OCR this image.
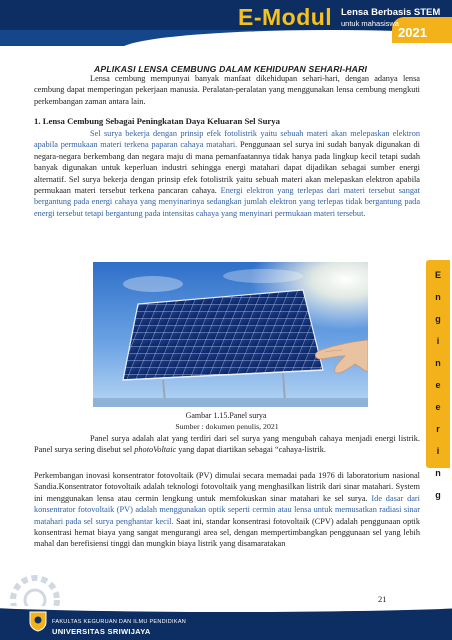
E-Modul Lensa Berbasis STEM
untuk mahasiswa
2021
APLIKASI LENSA CEMBUNG DALAM KEHIDUPAN SEHARI-HARI
Lensa cembung mempunyai banyak manfaat dikehidupan sehari-hari, dengan adanya lensa cembung dapat memperingan pekerjaan manusia. Peralatan-peralatan yang menggunakan lensa cembung mengkuti perkembangan zaman antara lain.
1. Lensa Cembung Sebagai Peningkatan Daya Keluaran Sel Surya
Sel surya bekerja dengan prinsip efek fotolistrik yaitu sebuah materi akan melepaskan elektron apabila permukaan materi terkena paparan cahaya matahari. Penggunaan sel surya ini sudah banyak digunakan di negara-negara berkembang dan negara maju di mana pemanfaatannya tidak hanya pada lingkup kecil tetapi sudah banyak digunakan untuk keperluan industri sehingga energi matahari dapat dijadikan sebagai sumber energi alternatif. Sel surya bekerja dengan prinsip efek fotolistrik yaitu sebuah materi akan melepaskan elektron apabila permukaan materi tersebut terkena pancaran cahaya. Energi elektron yang terlepas dari materi tersebut sangat bergantung pada energi cahaya yang menyinarinya sedangkan jumlah elektron yang terlepas tidak bergantung pada energi tersebut tetapi bergantung pada intensitas cahaya yang menyinari permukaan materi tersebut.
Gambar 1.15.Panel surya
Sumber : dokumen penulis, 2021
Panel surya adalah alat yang terdiri dari sel surya yang mengubah cahaya menjadi energi listrik. Panel surya sering disebut sel photoVoltaic yang dapat diartikan sebagai “cahaya-listrik.
Perkembangan inovasi konsentrator fotovoltaik (PV) dimulai secara memadai pada 1976 di laboratorium nasional Sandia.Konsentrator fotovoltaik adalah teknologi fotovoltaik yang menghasilkan listrik dari sinar matahari. System ini menggunakan lensa atau cermin lengkung untuk memfokuskan sinar matahari ke sel surya. Ide dasar dari konsentrator fotovoltaik (PV) adalah menggunakan optik seperti cermin atau lensa untuk memusatkan radiasi sinar matahari pada sel surya penghantar kecil. Saat ini, standar konsentrasi fotovoltaik (CPV) adalah penggunaan optik konsentrasi hemat biaya yang sangat mengurangi area sel, dengan mempertimbangkan penggunaan sel yang lebih mahal dan berefisiensi tinggi dan mungkin biaya listrik yang disamaratakan
E
n
g
i
n
e
e
r
i
n
g
21
FAKULTAS KEGURUAN DAN ILMU PENDIDIKAN
UNIVERSITAS SRIWIJAYA
